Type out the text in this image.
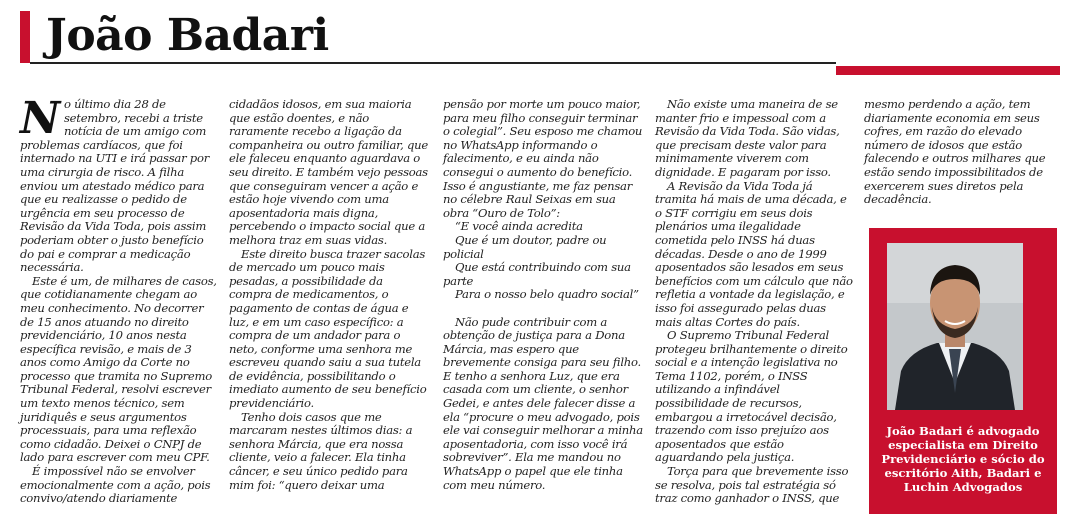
João Badari

No último dia 28 de setembro, recebi a triste notícia de um amigo com problemas cardíacos, que foi internado na UTI e irá passar por uma cirurgia de risco. A filha enviou um atestado médico para que eu realizasse o pedido de urgência em seu processo de Revisão da Vida Toda, pois assim poderiam obter o justo benefício do pai e comprar a medicação necessária.

Este é um, de milhares de casos, que cotidianamente chegam ao meu conhecimento. No decorrer de 15 anos atuando no direito previdenciário, 10 anos nesta específica revisão, e mais de 3 anos como Amigo da Corte no processo que tramita no Supremo Tribunal Federal, resolvi escrever um texto menos técnico, sem juridiquês e seus argumentos processuais, para uma reflexão como cidadão. Deixei o CNPJ de lado para escrever com meu CPF.

É impossível não se envolver emocionalmente com a ação, pois convivo/atendo diariamente

cidadãos idosos, em sua maioria que estão doentes, e não raramente recebo a ligação da companheira ou outro familiar, que ele faleceu enquanto aguardava o seu direito. E também vejo pessoas que conseguiram vencer a ação e estão hoje vivendo com uma aposentadoria mais digna, percebendo o impacto social que a melhora traz em suas vidas.

Este direito busca trazer sacolas de mercado um pouco mais pesadas, a possibilidade da compra de medicamentos, o pagamento de contas de água e luz, e em um caso específico: a compra de um andador para o neto, conforme uma senhora me escreveu quando saiu a sua tutela de evidência, possibilitando o imediato aumento de seu benefício previdenciário.

Tenho dois casos que me marcaram nestes últimos dias: a senhora Márcia, que era nossa cliente, veio a falecer. Ela tinha câncer, e seu único pedido para mim foi: “quero deixar uma

pensão por morte um pouco maior, para meu filho conseguir terminar o colegial”. Seu esposo me chamou no WhatsApp informando o falecimento, e eu ainda não consegui o aumento do benefício. Isso é angustiante, me faz pensar no célebre Raul Seixas em sua obra “Ouro de Tolo”:

“E você ainda acredita

Que é um doutor, padre ou policial

Que está contribuindo com sua parte

Para o nosso belo quadro social”

Não pude contribuir com a obtenção de justiça para a Dona Márcia, mas espero que brevemente consiga para seu filho. E tenho a senhora Luz, que era casada com um cliente, o senhor Gedei, e antes dele falecer disse a ela “procure o meu advogado, pois ele vai conseguir melhorar a minha aposentadoria, com isso você irá sobreviver”. Ela me mandou no WhatsApp o papel que ele tinha com meu número.

Não existe uma maneira de se manter frio e impessoal com a Revisão da Vida Toda. São vidas, que precisam deste valor para minimamente viverem com dignidade. E pagaram por isso.

A Revisão da Vida Toda já tramita há mais de uma década, e o STF corrigiu em seus dois plenários uma ilegalidade cometida pelo INSS há duas décadas. Desde o ano de 1999 aposentados são lesados em seus benefícios com um cálculo que não refletia a vontade da legislação, e isso foi assegurado pelas duas mais altas Cortes do país.

O Supremo Tribunal Federal protegeu brilhantemente o direito social e a intenção legislativa no Tema 1102, porém, o INSS utilizando a infindável possibilidade de recursos, embargou a irretocável decisão, trazendo com isso prejuízo aos aposentados que estão aguardando pela justiça.

Torça para que brevemente isso se resolva, pois tal estratégia só traz como ganhador o INSS, que

mesmo perdendo a ação, tem diariamente economia em seus cofres, em razão do elevado número de idosos que estão falecendo e outros milhares que estão sendo impossibilitados de exercerem sues diretos pela decadência.

João Badari é advogado especialista em Direito Previdenciário e sócio do escritório Aith, Badari e Luchin Advogados
